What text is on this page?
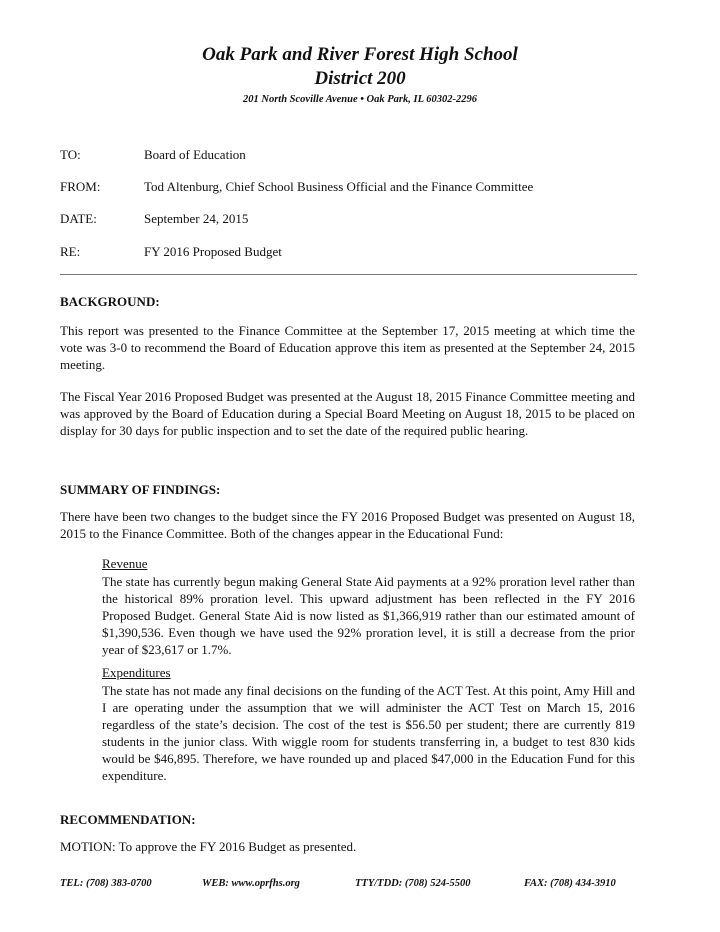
Oak Park and River Forest High School
District 200
201 North Scoville Avenue • Oak Park, IL 60302-2296
TO:	Board of Education
FROM:	Tod Altenburg, Chief School Business Official and the Finance Committee
DATE:	September 24, 2015
RE:	FY 2016 Proposed Budget
BACKGROUND:

This report was presented to the Finance Committee at the September 17, 2015 meeting at which time the vote was 3-0 to recommend the Board of Education approve this item as presented at the September 24, 2015 meeting.

The Fiscal Year 2016 Proposed Budget was presented at the August 18, 2015 Finance Committee meeting and was approved by the Board of Education during a Special Board Meeting on August 18, 2015 to be placed on display for 30 days for public inspection and to set the date of the required public hearing.

SUMMARY OF FINDINGS:

There have been two changes to the budget since the FY 2016 Proposed Budget was presented on August 18, 2015 to the Finance Committee. Both of the changes appear in the Educational Fund:

Revenue

The state has currently begun making General State Aid payments at a 92% proration level rather than the historical 89% proration level. This upward adjustment has been reflected in the FY 2016 Proposed Budget. General State Aid is now listed as $1,366,919 rather than our estimated amount of $1,390,536. Even though we have used the 92% proration level, it is still a decrease from the prior year of $23,617 or 1.7%.

Expenditures

The state has not made any final decisions on the funding of the ACT Test. At this point, Amy Hill and I are operating under the assumption that we will administer the ACT Test on March 15, 2016 regardless of the state’s decision. The cost of the test is $56.50 per student; there are currently 819 students in the junior class. With wiggle room for students transferring in, a budget to test 830 kids would be $46,895. Therefore, we have rounded up and placed $47,000 in the Education Fund for this expenditure.

RECOMMENDATION:
MOTION: To approve the FY 2016 Budget as presented.
TEL: (708) 383-0700	WEB: www.oprfhs.org	TTY/TDD: (708) 524-5500	FAX: (708) 434-3910
